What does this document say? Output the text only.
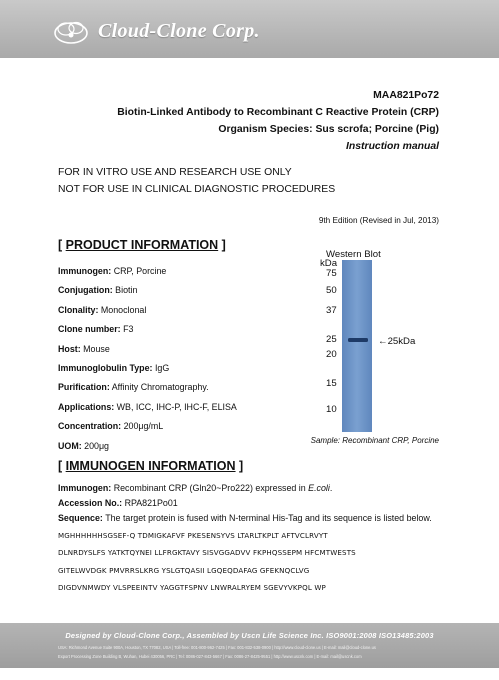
Cloud-Clone Corp.
MAA821Po72
Biotin-Linked Antibody to Recombinant C Reactive Protein (CRP)
Organism Species: Sus scrofa; Porcine (Pig)
Instruction manual
FOR IN VITRO USE AND RESEARCH USE ONLY
NOT FOR USE IN CLINICAL DIAGNOSTIC PROCEDURES
9th Edition (Revised in Jul, 2013)
[ PRODUCT INFORMATION ]
Immunogen: CRP, Porcine
Conjugation: Biotin
Clonality: Monoclonal
Clone number: F3
Host: Mouse
Immunoglobulin Type: IgG
Purification: Affinity Chromatography.
Applications: WB, ICC, IHC-P, IHC-F, ELISA
Concentration: 200μg/mL
UOM: 200μg
Western Blot
kDa
75
50
37
25
20
15
10
←25kDa
Sample: Recombinant CRP, Porcine
[ IMMUNOGEN INFORMATION ]
Immunogen: Recombinant CRP (Gln20~Pro222) expressed in E.coli.
Accession No.: RPA821Po01
Sequence: The target protein is fused with N-terminal His-Tag and its sequence is listed below.
MGHHHHHHSGSEF-Q TDMIGKAFVF PKESENSYVS LTARLTKPLT AFTVCLRVYT
DLNRDYSLFS YATKTQYNEI LLFRGKTAVY SISVGGADVV FKPHQSSEPM HFCMTWESTS
GITELWVDGK PMVRRSLKRG YSLGTQASII LGQEQDAFAG GFEKNQCLVG
DIGDVNMWDY VLSPEEINTV YAGGTFSPNV LNWRALRYEM SGEVYVKPQL WP
Designed by Cloud-Clone Corp., Assembled by Uscn Life Science Inc. ISO9001:2008 ISO13485:2003
USA: Richmond Avenue Suite 900A, Houston, TX 77082, USA | Toll-free: 001-800-962-7425 | Fax: 001-832-538-0900 | http://www.cloud-clone.us | E-mail: mail@cloud-clone.us
Export Processing Zone Building B, Wuhan, Hubei 430056, PRC | Tel: 0086-027-843-5667 | Fax: 0086-27-8425-9551 | http://www.uscnk.com | E-mail: mail@uscnk.com
